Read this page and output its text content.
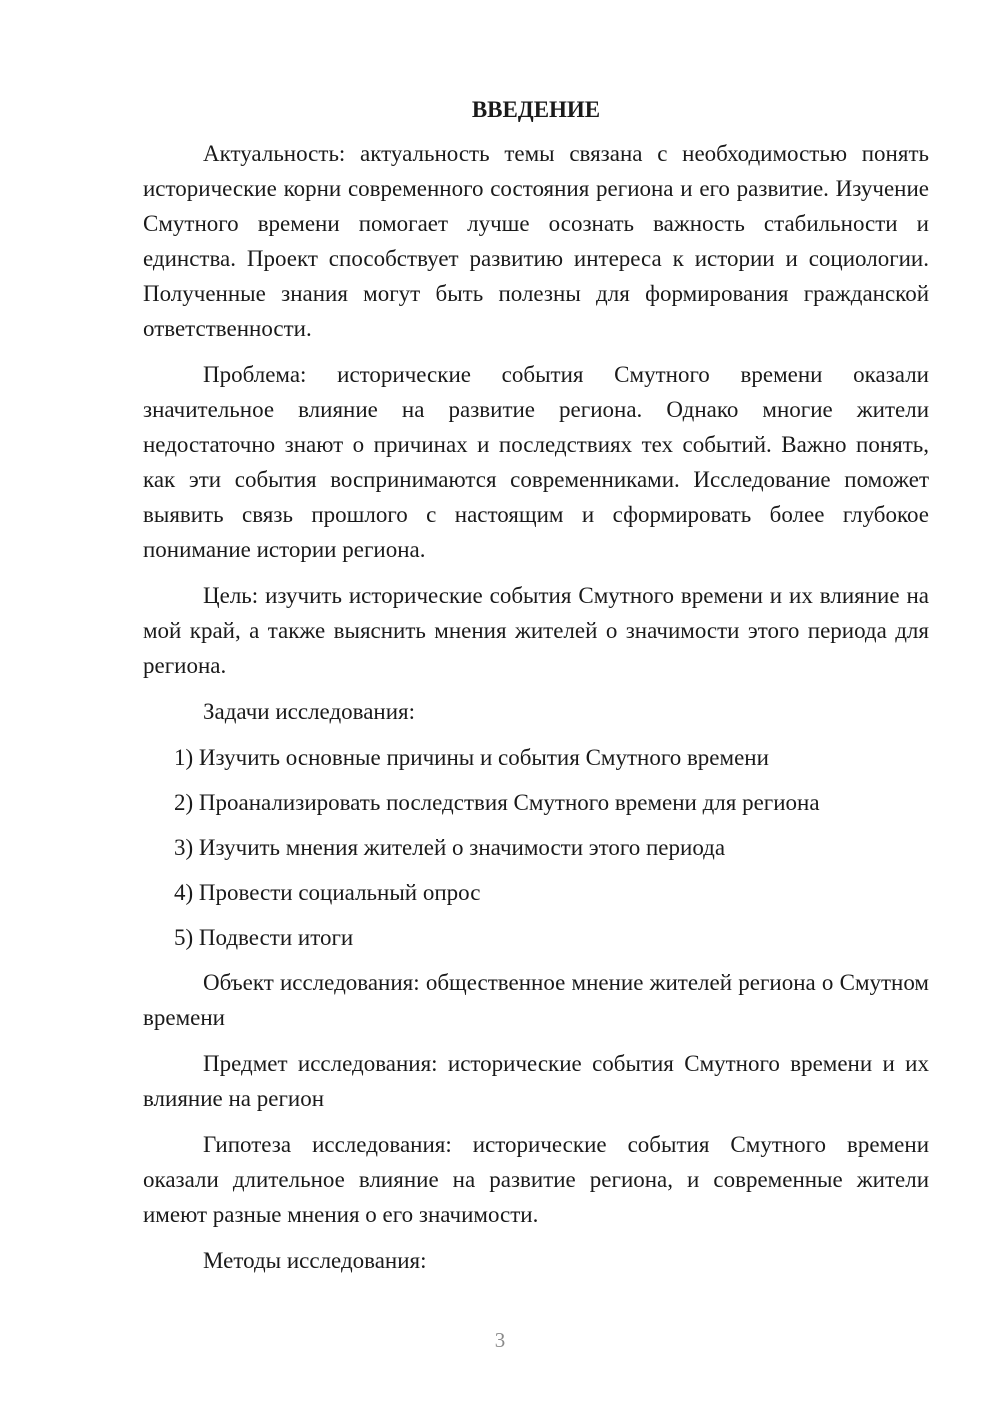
ВВЕДЕНИЕ

Актуальность: актуальность темы связана с необходимостью понять исторические корни современного состояния региона и его развитие. Изучение Смутного времени помогает лучше осознать важность стабильности и единства. Проект способствует развитию интереса к истории и социологии. Полученные знания могут быть полезны для формирования гражданской ответственности.

Проблема: исторические события Смутного времени оказали значительное влияние на развитие региона. Однако многие жители недостаточно знают о причинах и последствиях тех событий. Важно понять, как эти события воспринимаются современниками. Исследование поможет выявить связь прошлого с настоящим и сформировать более глубокое понимание истории региона.

Цель: изучить исторические события Смутного времени и их влияние на мой край, а также выяснить мнения жителей о значимости этого периода для региона.

Задачи исследования:

1) Изучить основные причины и события Смутного времени
2) Проанализировать последствия Смутного времени для региона
3) Изучить мнения жителей о значимости этого периода
4) Провести социальный опрос
5) Подвести итоги

Объект исследования: общественное мнение жителей региона о Смутном времени

Предмет исследования: исторические события Смутного времени и их влияние на регион

Гипотеза исследования: исторические события Смутного времени оказали длительное влияние на развитие региона, и современные жители имеют разные мнения о его значимости.

Методы исследования:

3
